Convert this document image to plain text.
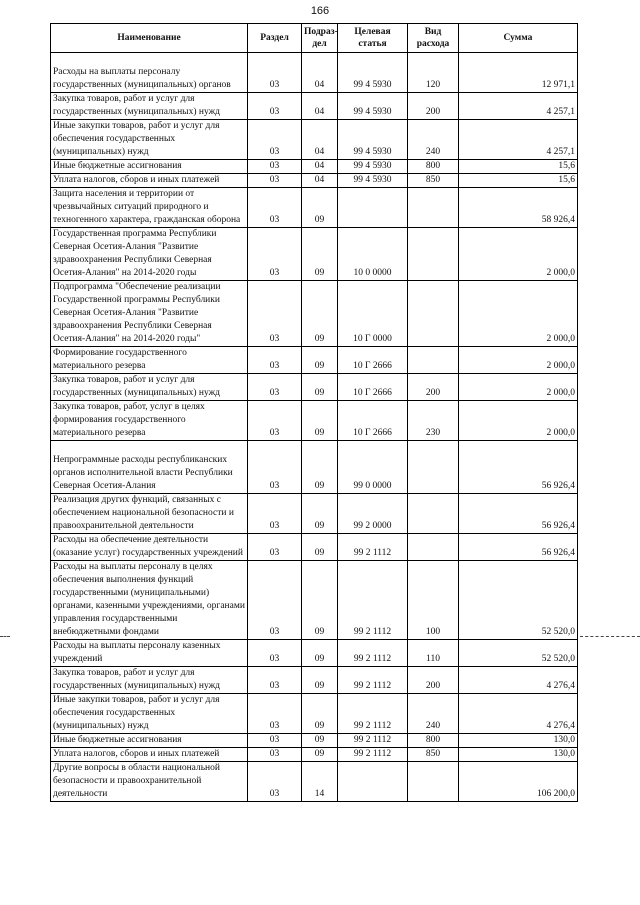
166
Наименование	Раздел	Подраз-дел	Целевая статья	Вид расхода	Сумма
Расходы на выплаты персоналу государственных (муниципальных) органов	03	04	99 4 5930	120	12 971,1
Закупка товаров, работ и услуг для государственных (муниципальных) нужд	03	04	99 4 5930	200	4 257,1
Иные закупки товаров, работ и услуг для обеспечения государственных (муниципальных) нужд	03	04	99 4 5930	240	4 257,1
Иные бюджетные ассигнования	03	04	99 4 5930	800	15,6
Уплата налогов, сборов и иных платежей	03	04	99 4 5930	850	15,6
Защита населения и территории от чрезвычайных ситуаций природного и техногенного характера, гражданская оборона	03	09			58 926,4
Государственная программа Республики Северная Осетия-Алания "Развитие здравоохранения Республики Северная Осетия-Алания" на 2014-2020 годы	03	09	10 0 0000		2 000,0
Подпрограмма "Обеспечение реализации Государственной программы Республики Северная Осетия-Алания "Развитие здравоохранения Республики Северная Осетия-Алания" на 2014-2020 годы"	03	09	10 Г 0000		2 000,0
Формирование государственного материального резерва	03	09	10 Г 2666		2 000,0
Закупка товаров, работ и услуг для государственных (муниципальных) нужд	03	09	10 Г 2666	200	2 000,0
Закупка товаров, работ, услуг в целях формирования государственного материального резерва	03	09	10 Г 2666	230	2 000,0
Непрограммные расходы республиканских органов исполнительной власти Республики Северная Осетия-Алания	03	09	99 0 0000		56 926,4
Реализация других функций, связанных с обеспечением национальной безопасности и правоохранительной деятельности	03	09	99 2 0000		56 926,4
Расходы на обеспечение деятельности (оказание услуг) государственных учреждений	03	09	99 2 1112		56 926,4
Расходы на выплаты персоналу в целях обеспечения выполнения функций государственными (муниципальными) органами, казенными учреждениями, органами управления государственными внебюджетными фондами	03	09	99 2 1112	100	52 520,0
Расходы на выплаты персоналу казенных учреждений	03	09	99 2 1112	110	52 520,0
Закупка товаров, работ и услуг для государственных (муниципальных) нужд	03	09	99 2 1112	200	4 276,4
Иные закупки товаров, работ и услуг для обеспечения государственных (муниципальных) нужд	03	09	99 2 1112	240	4 276,4
Иные бюджетные ассигнования	03	09	99 2 1112	800	130,0
Уплата налогов, сборов и иных платежей	03	09	99 2 1112	850	130,0
Другие вопросы в области национальной безопасности и правоохранительной деятельности	03	14			106 200,0
